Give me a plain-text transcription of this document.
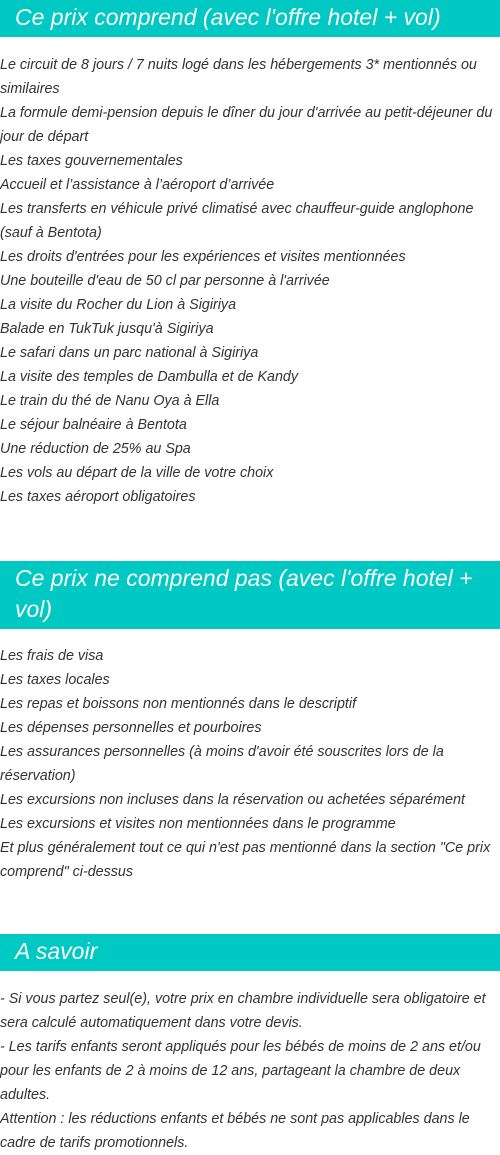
Ce prix comprend (avec l'offre hotel + vol)
Le circuit de 8 jours / 7 nuits logé dans les hébergements 3* mentionnés ou similaires
La formule demi-pension depuis le dîner du jour d'arrivée au petit-déjeuner du jour de départ
Les taxes gouvernementales
Accueil et l’assistance à l’aéroport d’arrivée
Les transferts en véhicule privé climatisé avec chauffeur-guide anglophone (sauf à Bentota)
Les droits d'entrées pour les expériences et visites mentionnées
Une bouteille d'eau de 50 cl par personne à l'arrivée
La visite du Rocher du Lion à Sigiriya
Balade en TukTuk jusqu'à Sigiriya
Le safari dans un parc national à Sigiriya
La visite des temples de Dambulla et de Kandy
Le train du thé de Nanu Oya à Ella
Le séjour balnéaire à Bentota
Une réduction de 25% au Spa
Les vols au départ de la ville de votre choix
Les taxes aéroport obligatoires
Ce prix ne comprend pas (avec l'offre hotel + vol)
Les frais de visa
Les taxes locales
Les repas et boissons non mentionnés dans le descriptif
Les dépenses personnelles et pourboires
Les assurances personnelles (à moins d'avoir été souscrites lors de la réservation)
Les excursions non incluses dans la réservation ou achetées séparément
Les excursions et visites non mentionnées dans le programme
Et plus généralement tout ce qui n'est pas mentionné dans la section "Ce prix comprend" ci-dessus
A savoir

- Si vous partez seul(e), votre prix en chambre individuelle sera obligatoire et sera calculé automatiquement dans votre devis.

- Les tarifs enfants seront appliqués pour les bébés de moins de 2 ans et/ou pour les enfants de 2 à moins de 12 ans, partageant la chambre de deux adultes.

Attention : les réductions enfants et bébés ne sont pas applicables dans le cadre de tarifs promotionnels.
